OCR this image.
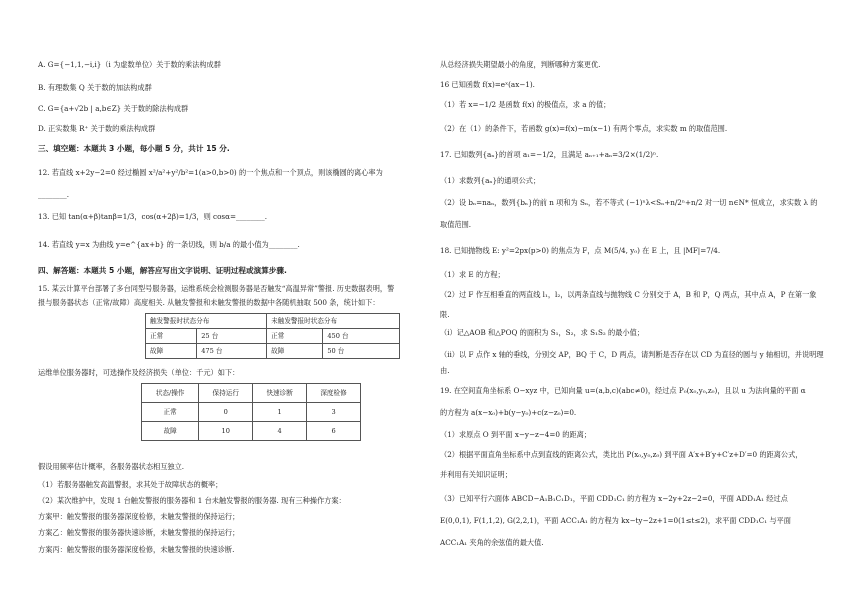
A. G={−1,1,−i,i}（i 为虚数单位）关于数的乘法构成群
B. 有理数集 Q 关于数的加法构成群
C. G={a+√2b | a,b∈Z} 关于数的除法构成群
D. 正实数集 R⁺ 关于数的乘法构成群
三、填空题：本题共 3 小题，每小题 5 分，共计 15 分.
12. 若直线 x+2y−2=0 经过椭圆 x²/a²+y²/b²=1(a>0,b>0) 的一个焦点和一个顶点，则该椭圆的离心率为
________.
13. 已知 tan(α+β)tanβ=1/3，cos(α+2β)=1/3，则 cosα=________.
14. 若直线 y=x 为曲线 y=e^{ax+b} 的一条切线，则 b/a 的最小值为________.
四、解答题：本题共 5 小题，解答应写出文字说明、证明过程或演算步骤.
15. 某云计算平台部署了多台同型号服务器，运维系统会检测服务器是否触发“高温异常”警报. 历史数据表明，警
报与服务器状态（正常/故障）高度相关. 从触发警报和未触发警报的数据中各随机抽取 500 条，统计如下：
触发警报时状态分布		未触发警报时状态分布	
正常	25 台	正常	450 台
故障	475 台	故障	50 台
运维单位服务器时，可选操作及经济损失（单位：千元）如下：
状态/操作	保持运行	快速诊断	深度检修
正常	0	1	3
故障	10	4	6
假设用频率估计概率，各服务器状态相互独立.
（1）若服务器触发高温警报，求其处于故障状态的概率；
（2）某次维护中，发现 1 台触发警报的服务器和 1 台未触发警报的服务器. 现有三种操作方案：
方案甲：触发警报的服务器深度检修，未触发警报的保持运行；
方案乙：触发警报的服务器快速诊断，未触发警报的保持运行；
方案丙：触发警报的服务器深度检修，未触发警报的快速诊断.
从总经济损失期望最小的角度，判断哪种方案更优.
16 已知函数 f(x)=eˣ(ax−1).
（1）若 x=−1/2 是函数 f(x) 的极值点，求 a 的值；
（2）在（1）的条件下，若函数 g(x)=f(x)−m(x−1) 有两个零点，求实数 m 的取值范围.
17. 已知数列{aₙ}的首项 a₁=−1/2，且满足 aₙ₊₁+aₙ=3/2×(1/2)ⁿ.
（1）求数列{aₙ}的通项公式；
（2）设 bₙ=naₙ，数列{bₙ}的前 n 项和为 Sₙ，若不等式 (−1)ⁿλ<Sₙ+n/2ⁿ+n/2 对一切 n∈N* 恒成立，求实数 λ 的
取值范围.
18. 已知抛物线 E: y²=2px(p>0) 的焦点为 F，点 M(5/4, y₀) 在 E 上，且 |MF|=7/4.
（1）求 E 的方程；
（2）过 F 作互相垂直的两直线 l₁，l₂，以两条直线与抛物线 C 分别交于 A，B 和 P，Q 两点，其中点 A，P 在第一象
限.
（ⅰ）记△AOB 和△POQ 的面积为 S₁，S₂，求 S₁S₂ 的最小值；
（ⅱ）以 F 点作 x 轴的垂线，分别交 AP，BQ 于 C，D 两点，请判断是否存在以 CD 为直径的圆与 y 轴相切，并说明理
由.
19. 在空间直角坐标系 O−xyz 中，已知向量 u=(a,b,c)(abc≠0)，经过点 P₀(x₀,y₀,z₀)，且以 u 为法向量的平面 α
的方程为 a(x−x₀)+b(y−y₀)+c(z−z₀)=0.
（1）求原点 O 到平面 x−y−z−4=0 的距离；
（2）根据平面直角坐标系中点到直线的距离公式，类比出 P(x₀,y₀,z₀) 到平面 A′x+B′y+C′z+D′=0 的距离公式，
并利用有关知识证明；
（3）已知平行六面体 ABCD−A₁B₁C₁D₁，平面 CDD₁C₁ 的方程为 x−2y+2z−2=0，平面 ADD₁A₁ 经过点
E(0,0,1), F(1,1,2), G(2,2,1)，平面 ACC₁A₁ 的方程为 kx−ty−2z+1=0(1≤t≤2)，求平面 CDD₁C₁ 与平面
ACC₁A₁ 夹角的余弦值的最大值.
